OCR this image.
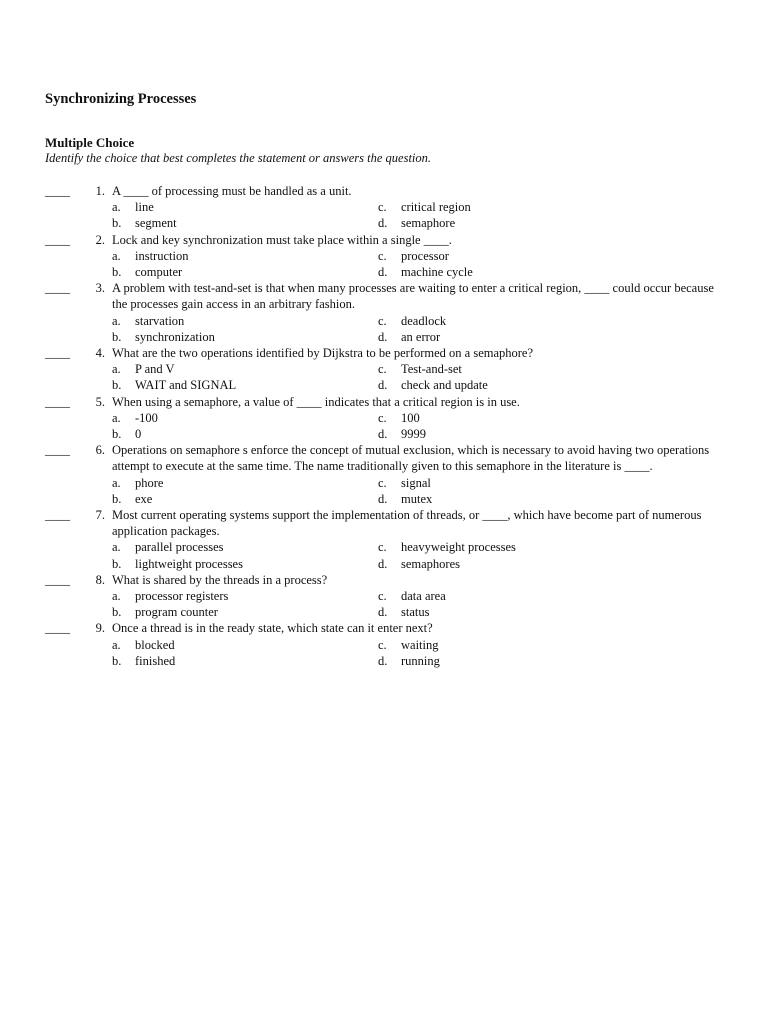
Synchronizing Processes
Multiple Choice

Identify the choice that best completes the statement or answers the question.

____	1. A ____ of processing must be handled as a unit.
a. line	c. critical region
b. segment	d. semaphore
____	2. Lock and key synchronization must take place within a single ____.
a. instruction	c. processor
b. computer	d. machine cycle
____	3. A problem with test-and-set is that when many processes are waiting to enter a critical region, ____ could occur because the processes gain access in an arbitrary fashion.
a. starvation	c. deadlock
b. synchronization	d. an error
____	4. What are the two operations identified by Dijkstra to be performed on a semaphore?
a. P and V	c. Test-and-set
b. WAIT and SIGNAL	d. check and update
____	5. When using a semaphore, a value of ____ indicates that a critical region is in use.
a. -100	c. 100
b. 0	d. 9999
____	6. Operations on semaphore s enforce the concept of mutual exclusion, which is necessary to avoid having two operations attempt to execute at the same time. The name traditionally given to this semaphore in the literature is ____.
a. phore	c. signal
b. exe	d. mutex
____	7. Most current operating systems support the implementation of threads, or ____, which have become part of numerous application packages.
a. parallel processes	c. heavyweight processes
b. lightweight processes	d. semaphores
____	8. What is shared by the threads in a process?
a. processor registers	c. data area
b. program counter	d. status
____	9. Once a thread is in the ready state, which state can it enter next?
a. blocked	c. waiting
b. finished	d. running
